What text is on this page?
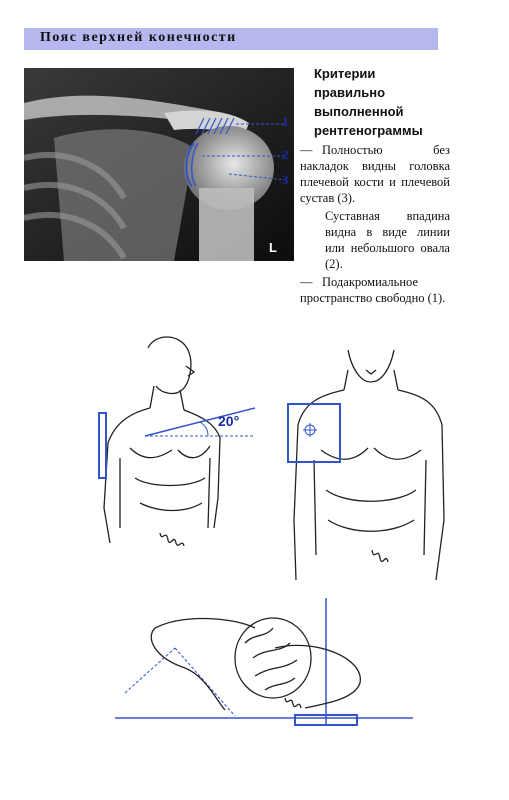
Пояс верхней конечности
L
1
2
3
Критерии
правильно
выполненной
рентгенограммы
— Полностью без накладок видны головка плечевой кости и плечевой сустав (3).
Суставная впадина видна в виде линии или небольшого овала (2).
— Подакромиальное пространство свободно (1).
20°
